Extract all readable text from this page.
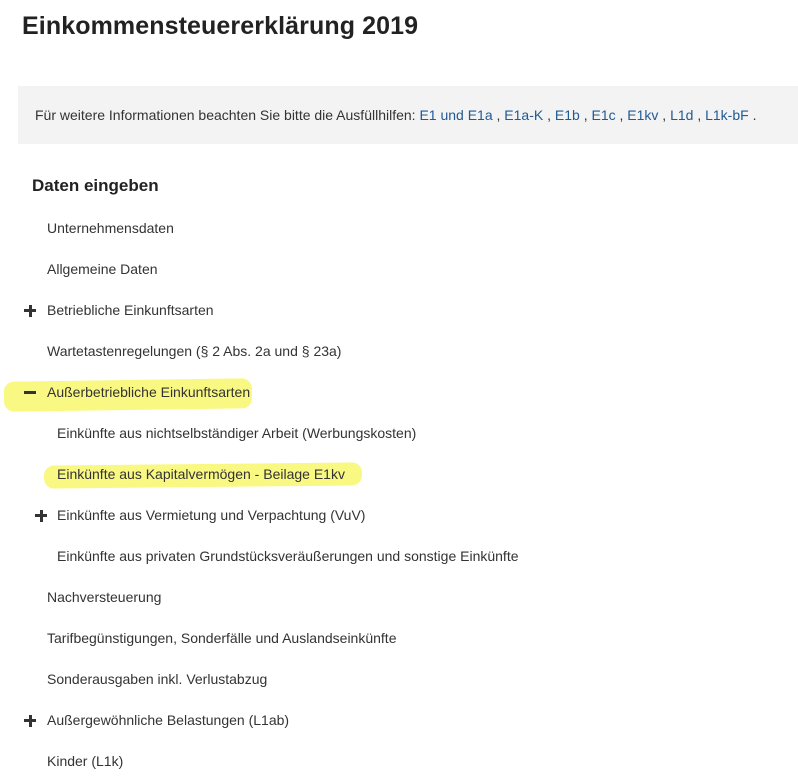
Einkommensteuererklärung 2019
Für weitere Informationen beachten Sie bitte die Ausfüllhilfen: E1 und E1a , E1a-K , E1b , E1c , E1kv , L1d , L1k-bF .
Daten eingeben
Unternehmensdaten
Allgemeine Daten
Betriebliche Einkunftsarten
Wartetastenregelungen (§ 2 Abs. 2a und § 23a)
Außerbetriebliche Einkunftsarten
Einkünfte aus nichtselbständiger Arbeit (Werbungskosten)
Einkünfte aus Kapitalvermögen - Beilage E1kv
Einkünfte aus Vermietung und Verpachtung (VuV)
Einkünfte aus privaten Grundstücksveräußerungen und sonstige Einkünfte
Nachversteuerung
Tarifbegünstigungen, Sonderfälle und Auslandseinkünfte
Sonderausgaben inkl. Verlustabzug
Außergewöhnliche Belastungen (L1ab)
Kinder (L1k)
